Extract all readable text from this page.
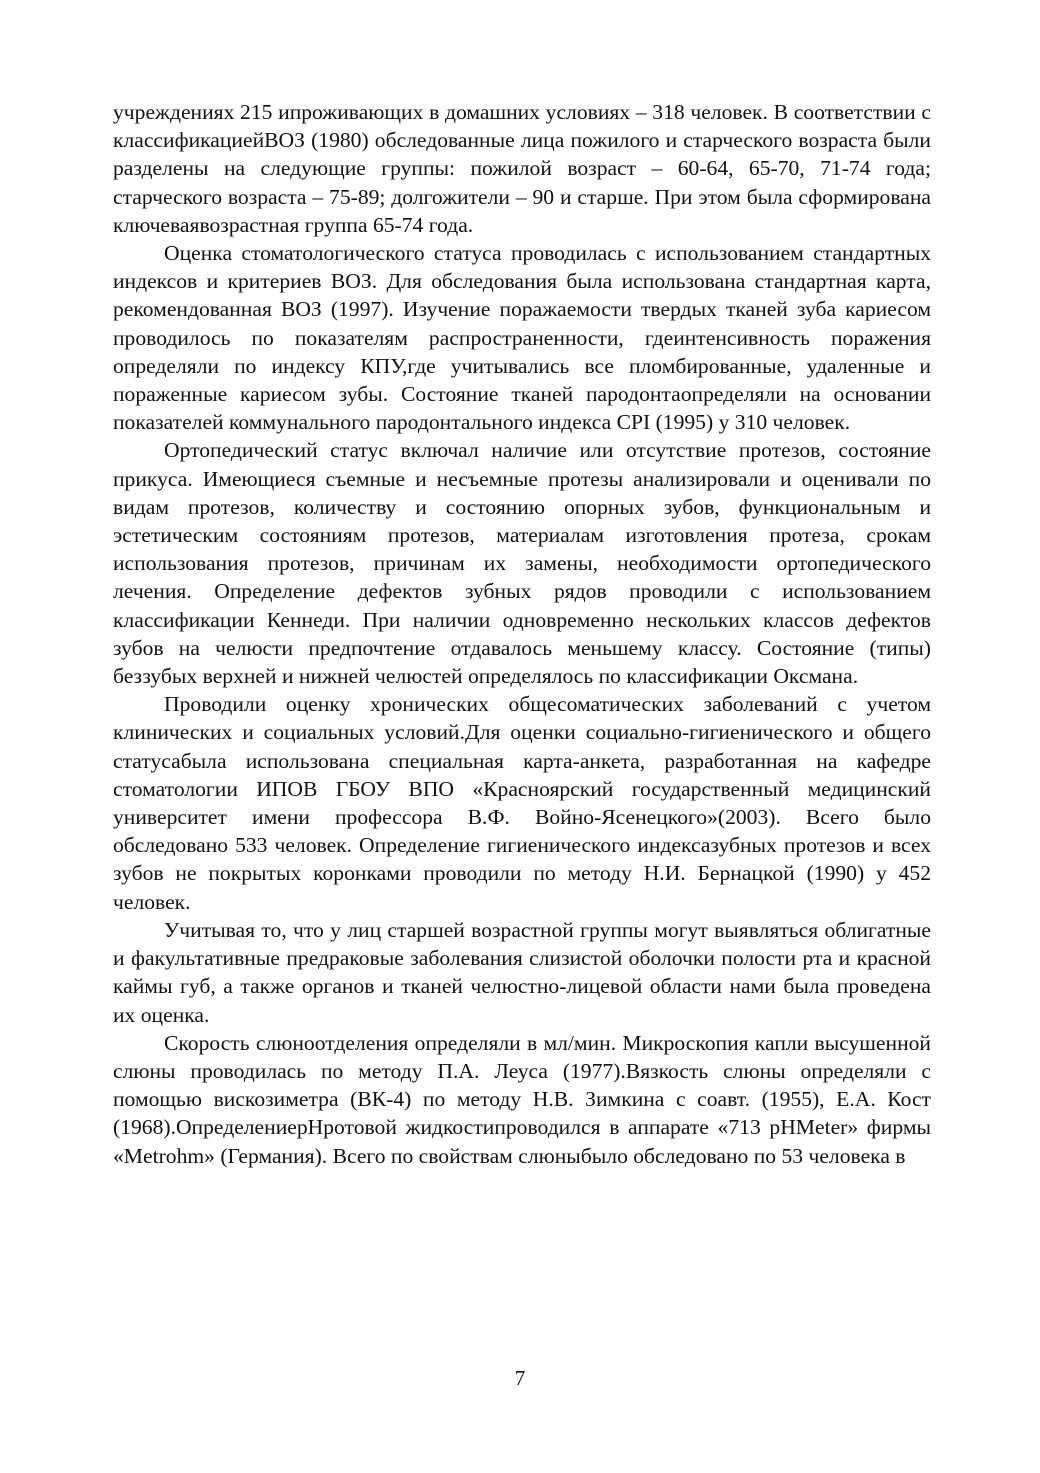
учреждениях 215 ипроживающих в домашних условиях – 318 человек. В соответствии с классификациейВОЗ (1980) обследованные лица пожилого и старческого возраста были разделены на следующие группы: пожилой возраст – 60-64, 65-70, 71-74 года; старческого возраста – 75-89; долгожители – 90 и старше. При этом была сформирована ключеваявозрастная группа 65-74 года.

Оценка стоматологического статуса проводилась с использованием стандартных индексов и критериев ВОЗ. Для обследования была использована стандартная карта, рекомендованная ВОЗ (1997). Изучение поражаемости твердых тканей зуба кариесом проводилось по показателям распространенности, гдеинтенсивность поражения определяли по индексу КПУ,где учитывались все пломбированные, удаленные и пораженные кариесом зубы. Состояние тканей пародонтаопределяли на основании показателей коммунального пародонтального индекса CPI (1995) у 310 человек.

Ортопедический статус включал наличие или отсутствие протезов, состояние прикуса. Имеющиеся съемные и несъемные протезы анализировали и оценивали по видам протезов, количеству и состоянию опорных зубов, функциональным и эстетическим состояниям протезов, материалам изготовления протеза, срокам использования протезов, причинам их замены, необходимости ортопедического лечения. Определение дефектов зубных рядов проводили с использованием классификации Кеннеди. При наличии одновременно нескольких классов дефектов зубов на челюсти предпочтение отдавалось меньшему классу. Состояние (типы) беззубых верхней и нижней челюстей определялось по классификации Оксмана.

Проводили оценку хронических общесоматических заболеваний с учетом клинических и социальных условий.Для оценки социально-гигиенического и общего статусабыла использована специальная карта-анкета, разработанная на кафедре стоматологии ИПОВ ГБОУ ВПО «Красноярский государственный медицинский университет имени профессора В.Ф. Войно-Ясенецкого»(2003). Всего было обследовано 533 человек. Определение гигиенического индексазубных протезов и всех зубов не покрытых коронками проводили по методу Н.И. Бернацкой (1990) у 452 человек.

Учитывая то, что у лиц старшей возрастной группы могут выявляться облигатные и факультативные предраковые заболевания слизистой оболочки полости рта и красной каймы губ, а также органов и тканей челюстно-лицевой области нами была проведена их оценка.

Скорость слюноотделения определяли в мл/мин. Микроскопия капли высушенной слюны проводилась по методу П.А. Леуса (1977).Вязкость слюны определяли с помощью вискозиметра (ВК-4) по методу Н.В. Зимкина с соавт. (1955), Е.А. Кост (1968).ОпределениерНротовой жидкостипроводился в аппарате «713 pHMeter» фирмы «Metrohm» (Германия). Всего по свойствам слюныбыло обследовано по 53 человека в

7
